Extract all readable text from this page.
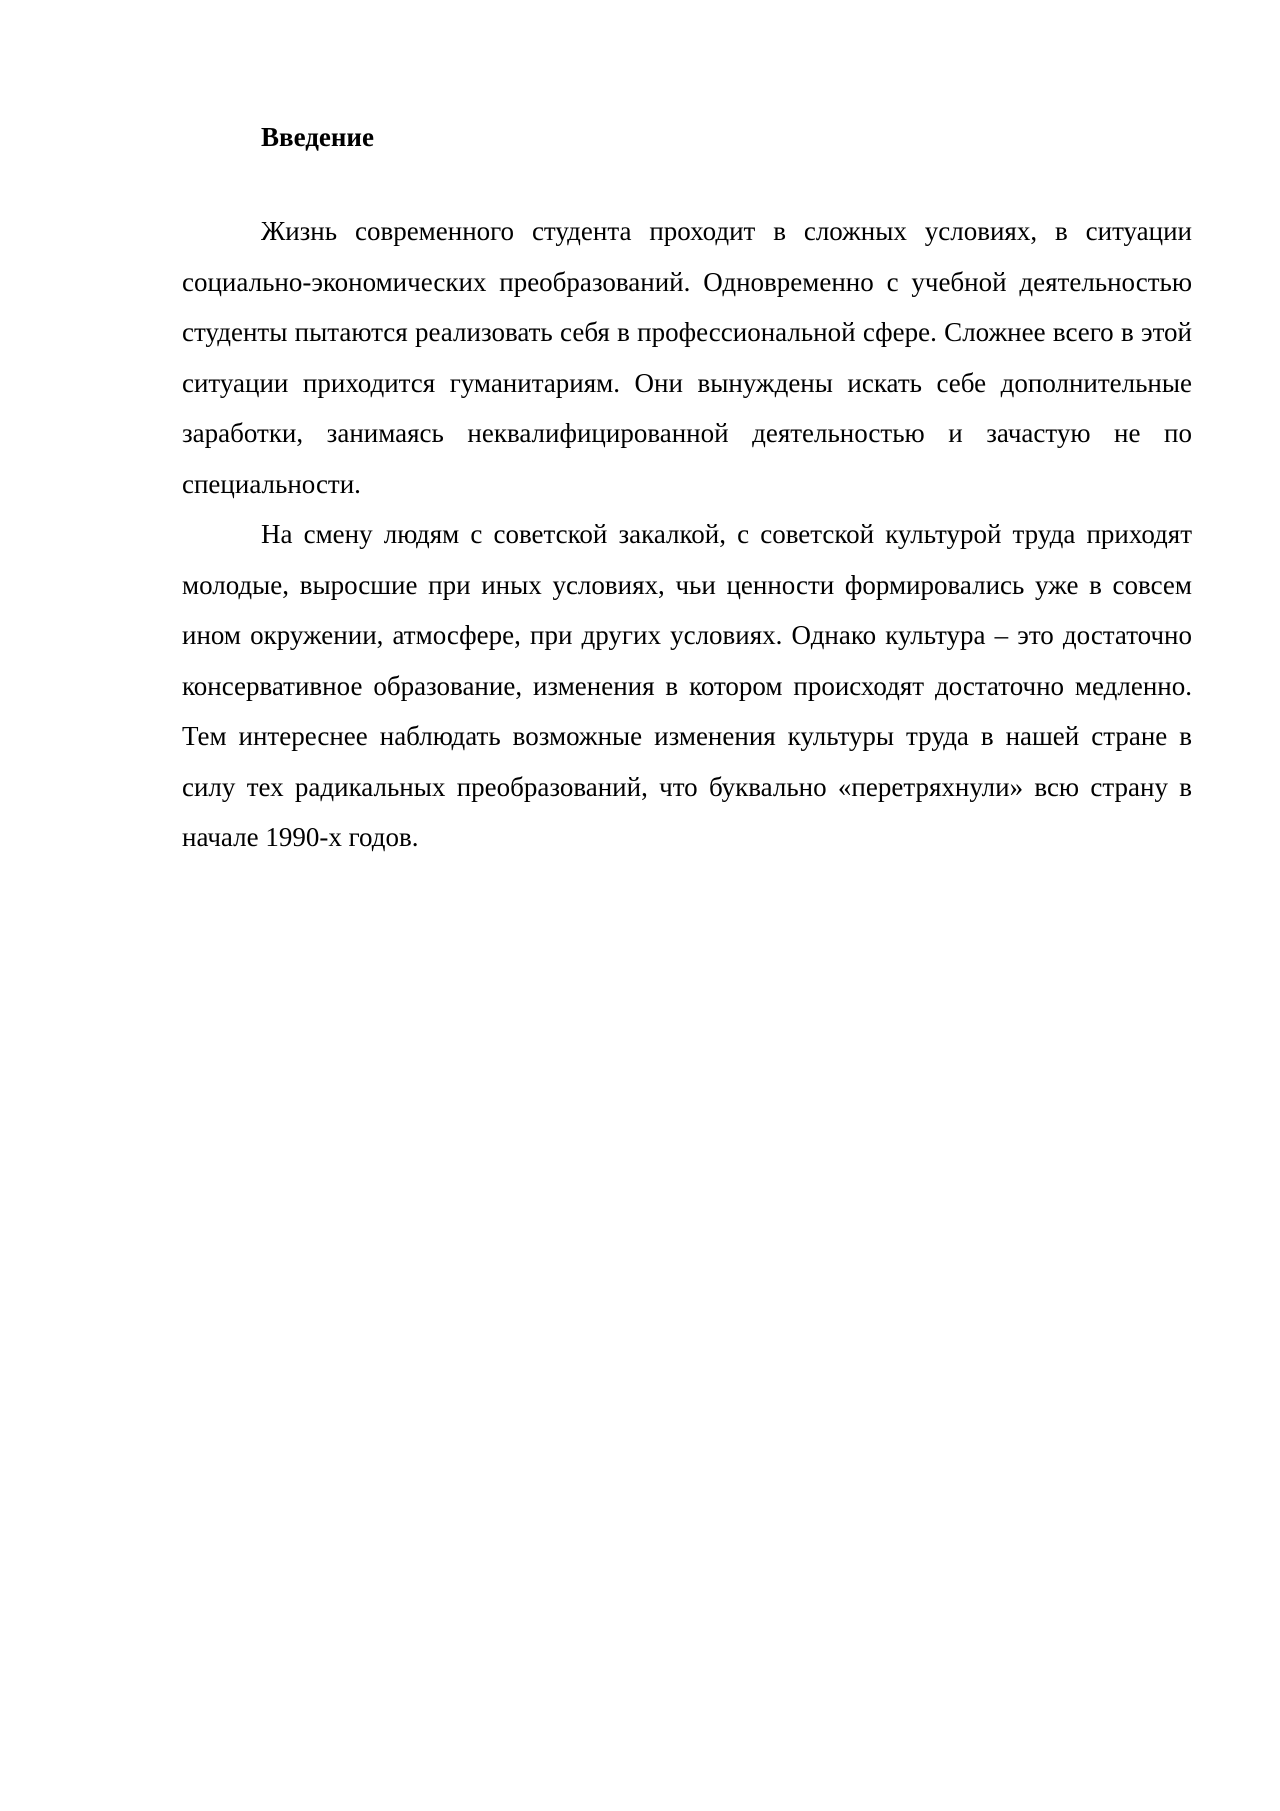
Введение

Жизнь современного студента проходит в сложных условиях, в ситуации социально-экономических преобразований. Одновременно с учебной деятельностью студенты пытаются реализовать себя в профессиональной сфере. Сложнее всего в этой ситуации приходится гуманитариям. Они вынуждены искать себе дополнительные заработки, занимаясь неквалифицированной деятельностью и зачастую не по специальности.

На смену людям с советской закалкой, с советской культурой труда приходят молодые, выросшие при иных условиях, чьи ценности формировались уже в совсем ином окружении, атмосфере, при других условиях. Однако культура – это достаточно консервативное образование, изменения в котором происходят достаточно медленно. Тем интереснее наблюдать возможные изменения культуры труда в нашей стране в силу тех радикальных преобразований, что буквально «перетряхнули» всю страну в начале 1990-х годов.
